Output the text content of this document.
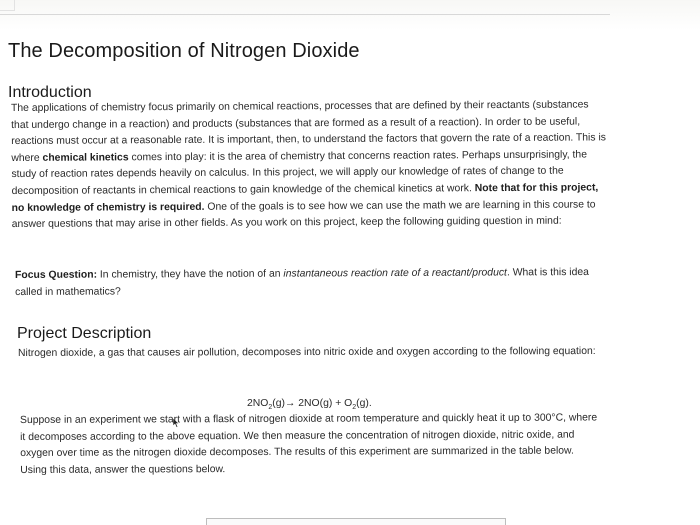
The Decomposition of Nitrogen Dioxide
Introduction

The applications of chemistry focus primarily on chemical reactions, processes that are defined by their reactants (substances that undergo change in a reaction) and products (substances that are formed as a result of a reaction). In order to be useful, reactions must occur at a reasonable rate. It is important, then, to understand the factors that govern the rate of a reaction. This is where chemical kinetics comes into play: it is the area of chemistry that concerns reaction rates. Perhaps unsurprisingly, the study of reaction rates depends heavily on calculus. In this project, we will apply our knowledge of rates of change to the decomposition of reactants in chemical reactions to gain knowledge of the chemical kinetics at work. Note that for this project, no knowledge of chemistry is required. One of the goals is to see how we can use the math we are learning in this course to answer questions that may arise in other fields. As you work on this project, keep the following guiding question in mind:

Focus Question: In chemistry, they have the notion of an instantaneous reaction rate of a reactant/product. What is this idea called in mathematics?

Project Description

Nitrogen dioxide, a gas that causes air pollution, decomposes into nitric oxide and oxygen according to the following equation:

$2NO_2(g)\to 2NO(g) + O_2(g)$.

Suppose in an experiment we start with a flask of nitrogen dioxide at room temperature and quickly heat it up to 300°C, where it decomposes according to the above equation. We then measure the concentration of nitrogen dioxide, nitric oxide, and oxygen over time as the nitrogen dioxide decomposes. The results of this experiment are summarized in the table below. Using this data, answer the questions below.
